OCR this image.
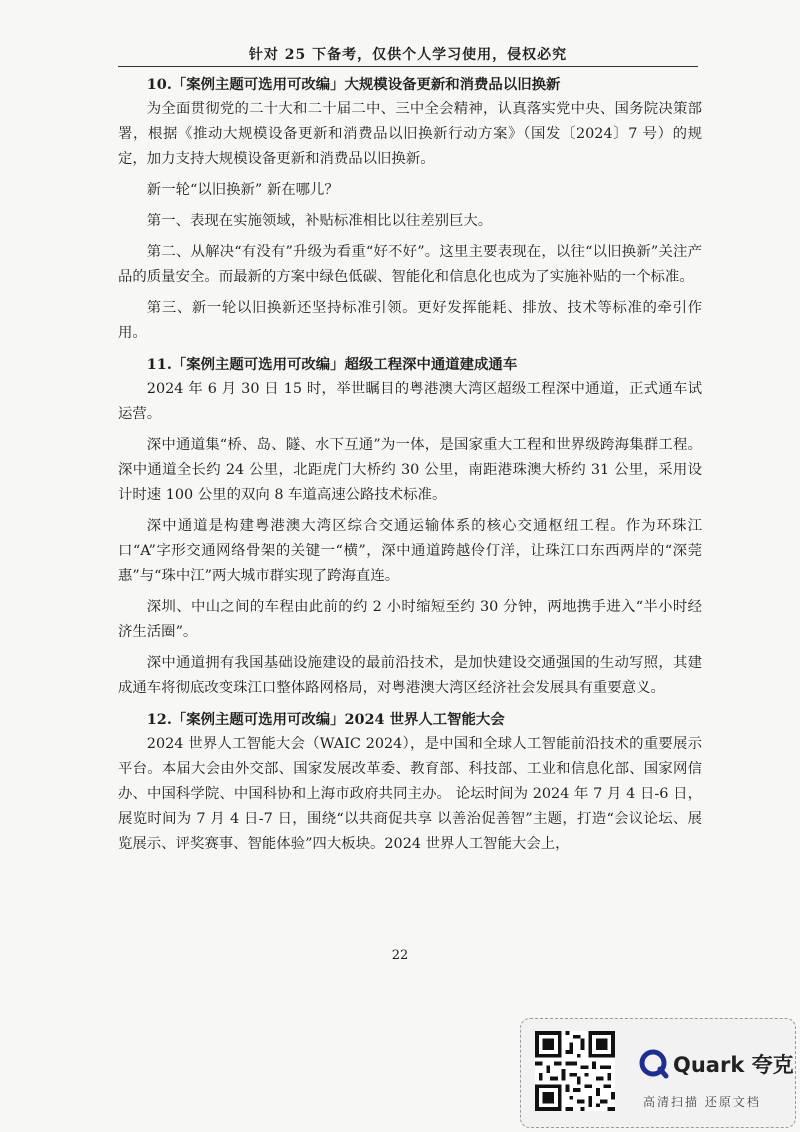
针对 25 下备考，仅供个人学习使用，侵权必究
10.「案例主题可选用可改编」大规模设备更新和消费品以旧换新

为全面贯彻党的二十大和二十届二中、三中全会精神，认真落实党中央、国务院决策部署，根据《推动大规模设备更新和消费品以旧换新行动方案》（国发〔2024〕7 号）的规定，加力支持大规模设备更新和消费品以旧换新。

新一轮“以旧换新” 新在哪儿？

第一、表现在实施领域，补贴标准相比以往差别巨大。

第二、从解决“有没有”升级为看重“好不好”。这里主要表现在，以往“以旧换新”关注产品的质量安全。而最新的方案中绿色低碳、智能化和信息化也成为了实施补贴的一个标准。

第三、新一轮以旧换新还坚持标准引领。更好发挥能耗、排放、技术等标准的牵引作用。

11.「案例主题可选用可改编」超级工程深中通道建成通车

2024 年 6 月 30 日 15 时，举世瞩目的粤港澳大湾区超级工程深中通道，正式通车试运营。

深中通道集“桥、岛、隧、水下互通”为一体，是国家重大工程和世界级跨海集群工程。深中通道全长约 24 公里，北距虎门大桥约 30 公里，南距港珠澳大桥约 31 公里，采用设计时速 100 公里的双向 8 车道高速公路技术标准。

深中通道是构建粤港澳大湾区综合交通运输体系的核心交通枢纽工程。作为环珠江口“A”字形交通网络骨架的关键一“横”，深中通道跨越伶仃洋，让珠江口东西两岸的“深莞惠”与“珠中江”两大城市群实现了跨海直连。

深圳、中山之间的车程由此前的约 2 小时缩短至约 30 分钟，两地携手进入“半小时经济生活圈”。

深中通道拥有我国基础设施建设的最前沿技术，是加快建设交通强国的生动写照，其建成通车将彻底改变珠江口整体路网格局，对粤港澳大湾区经济社会发展具有重要意义。

12.「案例主题可选用可改编」2024 世界人工智能大会

2024 世界人工智能大会（WAIC 2024），是中国和全球人工智能前沿技术的重要展示平台。本届大会由外交部、国家发展改革委、教育部、科技部、工业和信息化部、国家网信办、中国科学院、中国科协和上海市政府共同主办。 论坛时间为 2024 年 7 月 4 日-6 日，展览时间为 7 月 4 日-7 日，围绕“以共商促共享 以善治促善智”主题，打造“会议论坛、展览展示、评奖赛事、智能体验”四大板块。2024 世界人工智能大会上，

22
Quark 夸克
高清扫描 还原文档
